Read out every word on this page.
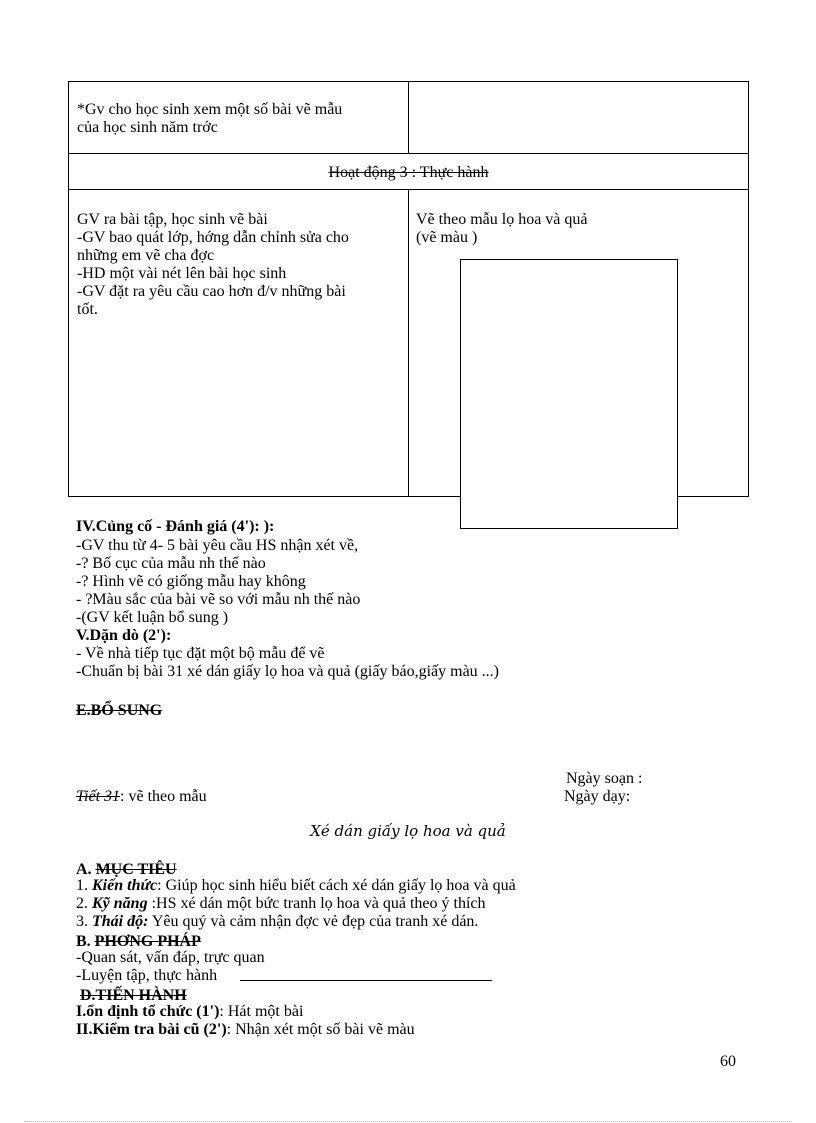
*Gv cho học sinh xem một số bài vẽ mẫu
của học sinh năm trớc
Hoạt động 3 : Thực hành
GV ra bài tập, học sinh vẽ bài
-GV bao quát lớp, hớng dẫn chỉnh sửa cho
những em vẽ cha đợc
-HD một vài nét lên bài học sinh
-GV đặt ra yêu cầu cao hơn đ/v những bài
tốt.
Vẽ theo mẫu lọ hoa và quả
(vẽ màu )
IV.Củng cố - Đánh giá (4'): ):
-GV thu từ 4- 5 bài yêu cầu HS nhận xét về,
-? Bố cục của mẫu nh thế nào
-? Hình vẽ có giống mẫu hay không
- ?Màu sắc của bài vẽ so với mẫu nh thế nào
-(GV kết luận bổ sung )
V.Dặn dò (2'):
- Về nhà tiếp tục đặt một bộ mẫu để vẽ
-Chuẩn bị bài 31 xé dán giấy lọ hoa và quả (giấy báo,giấy màu ...)
E.BỔ SUNG
Ngày soạn :
Tiết 31: vẽ theo mẫu	Ngày dạy:
Xé dán giấy lọ hoa và quả
A. MỤC TIÊU
1. Kiến thức: Giúp học sinh hiểu biết cách xé dán giấy lọ hoa và quả
2. Kỹ năng :HS xé dán một bức tranh lọ hoa và quả theo ý thích
3. Thái độ: Yêu quý và cảm nhận đợc vẻ đẹp của tranh xé dán.
B. PHƠNG PHÁP
-Quan sát, vấn đáp, trực quan
-Luyện tập, thực hành
D.TIẾN HÀNH
I.ổn định tổ chức (1'): Hát một bài
II.Kiểm tra bài cũ (2'): Nhận xét một số bài vẽ màu
60
